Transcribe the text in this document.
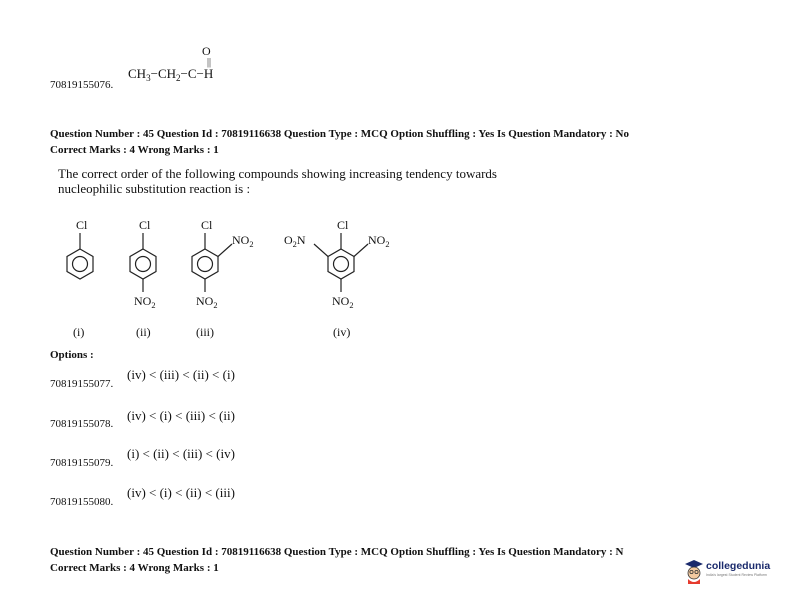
70819155076.
O
||
$CH_3-CH_2-C-H$
Question Number : 45 Question Id : 70819116638 Question Type : MCQ Option Shuffling : Yes Is Question Mandatory : No
Correct Marks : 4 Wrong Marks : 1
The correct order of the following compounds showing increasing tendency towards
nucleophilic substitution reaction is :
Cl	Cl	Cl	Cl
$NO_2$	$NO_2$
$NO_2$	$NO_2$
$O_2N$
$NO_2$
(i)	(ii)	(iii)	(iv)
Options :
70819155077.
(iv) < (iii) < (ii) < (i)
70819155078.
(iv) < (i) < (iii) < (ii)
70819155079.
(i) < (ii) < (iii) < (iv)
70819155080.
(iv) < (i) < (ii) < (iii)
Question Number : 45 Question Id : 70819116638 Question Type : MCQ Option Shuffling : Yes Is Question Mandatory : N
Correct Marks : 4 Wrong Marks : 1	collegedunia
India's largest Student Review Platform
